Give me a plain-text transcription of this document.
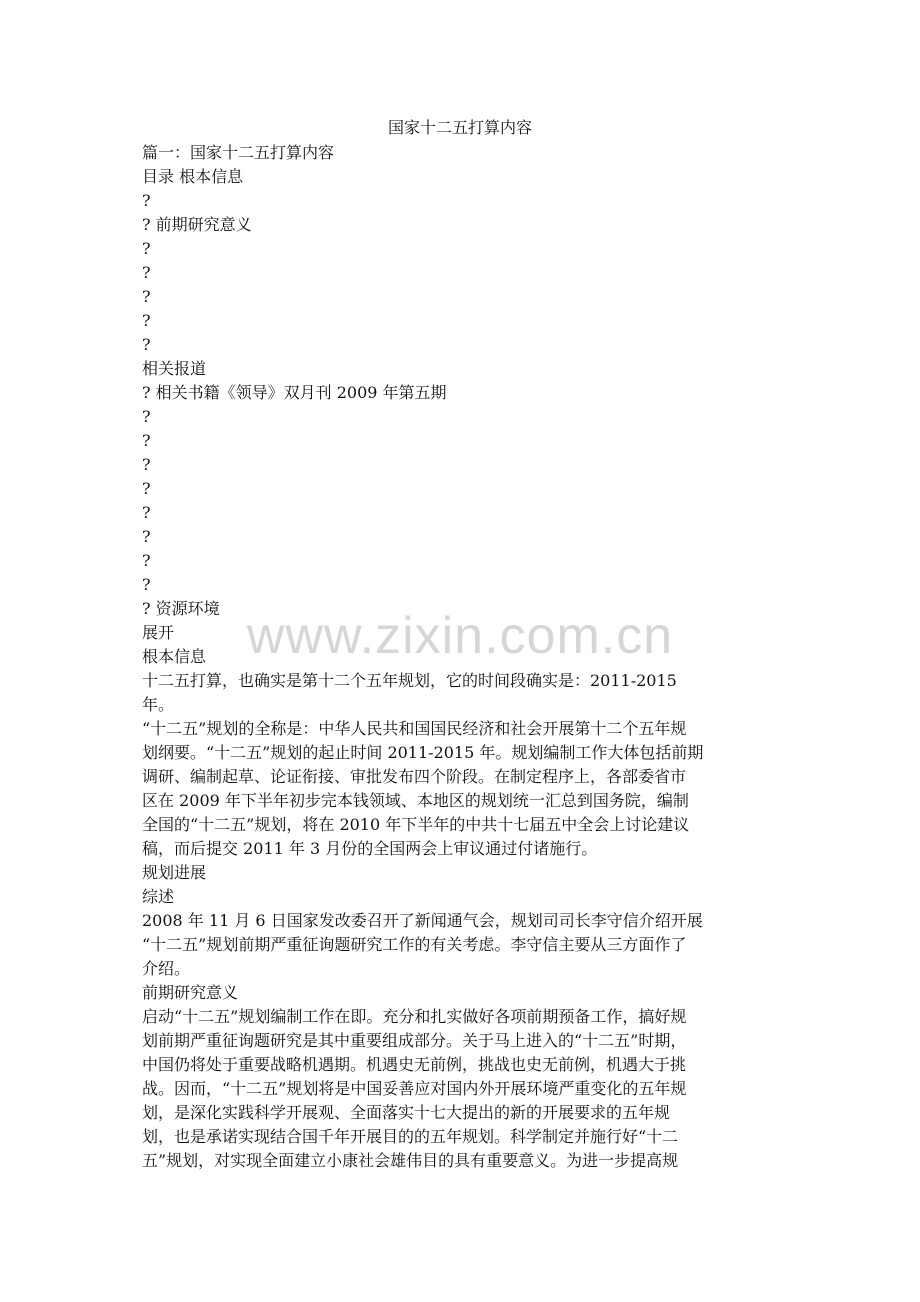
www.zixin.com.cn
国家十二五打算内容
篇一：国家十二五打算内容
目录 根本信息
?
? 前期研究意义
?
?
?
?
?
相关报道
? 相关书籍《领导》双月刊 2009 年第五期
?
?
?
?
?
?
?
?
? 资源环境
展开
根本信息
十二五打算，也确实是第十二个五年规划，它的时间段确实是：2011-2015
年。
“十二五”规划的全称是：中华人民共和国国民经济和社会开展第十二个五年规
划纲要。“十二五”规划的起止时间 2011-2015 年。规划编制工作大体包括前期
调研、编制起草、论证衔接、审批发布四个阶段。在制定程序上，各部委省市
区在 2009 年下半年初步完本钱领域、本地区的规划统一汇总到国务院，编制
全国的“十二五”规划，将在 2010 年下半年的中共十七届五中全会上讨论建议
稿，而后提交 2011 年 3 月份的全国两会上审议通过付诸施行。
规划进展
综述
2008 年 11 月 6 日国家发改委召开了新闻通气会，规划司司长李守信介绍开展
“十二五”规划前期严重征询题研究工作的有关考虑。李守信主要从三方面作了
介绍。
前期研究意义
启动“十二五”规划编制工作在即。充分和扎实做好各项前期预备工作，搞好规
划前期严重征询题研究是其中重要组成部分。关于马上进入的“十二五”时期，
中国仍将处于重要战略机遇期。机遇史无前例，挑战也史无前例，机遇大于挑
战。因而，“十二五”规划将是中国妥善应对国内外开展环境严重变化的五年规
划，是深化实践科学开展观、全面落实十七大提出的新的开展要求的五年规
划，也是承诺实现结合国千年开展目的的五年规划。科学制定并施行好“十二
五”规划，对实现全面建立小康社会雄伟目的具有重要意义。为进一步提高规
